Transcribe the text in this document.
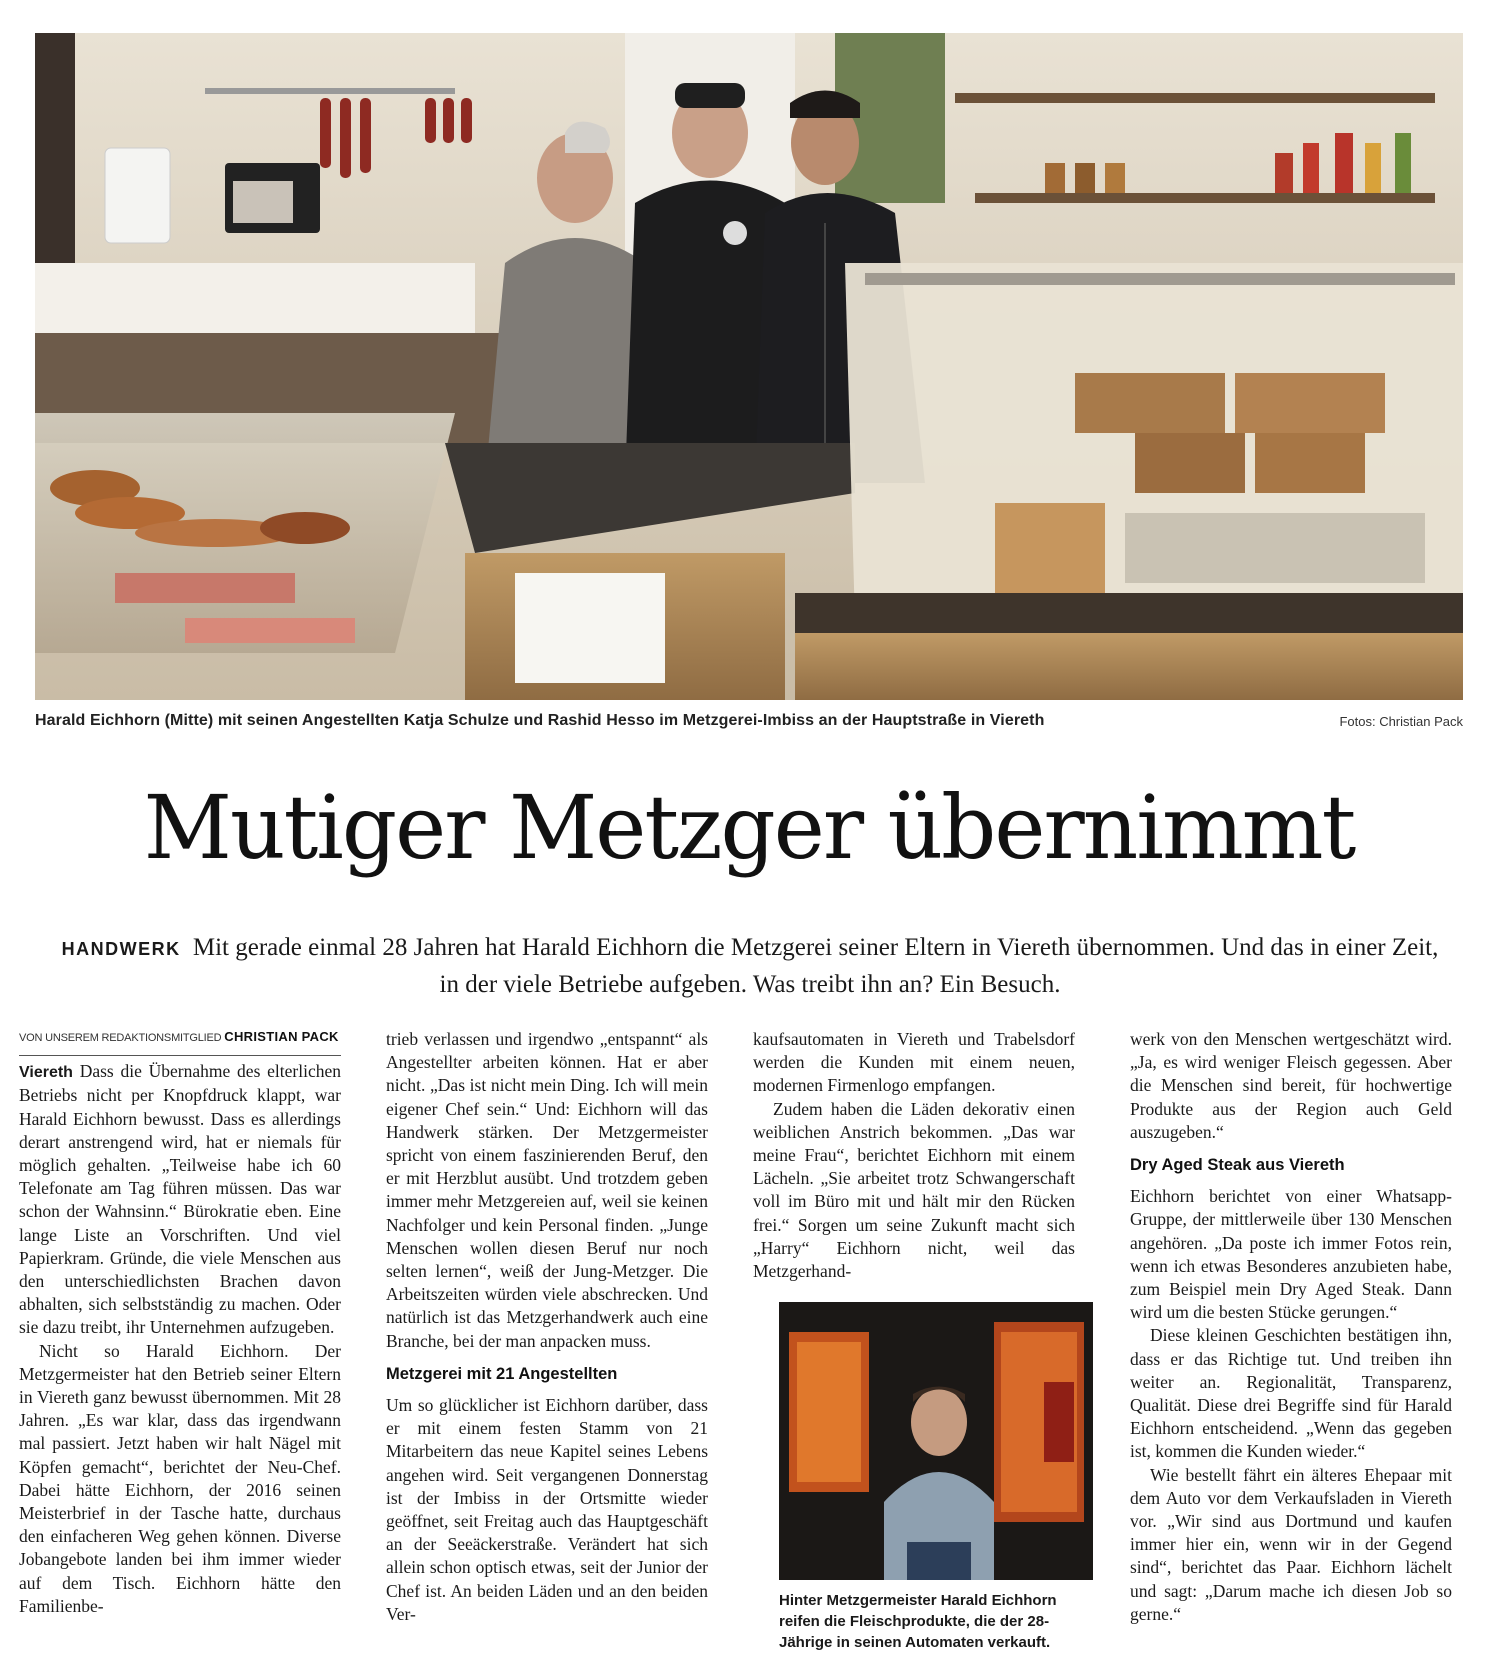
Harald Eichhorn (Mitte) mit seinen Angestellten Katja Schulze und Rashid Hesso im Metzgerei-Imbiss an der Hauptstraße in Viereth	Fotos: Christian Pack
Mutiger Metzger übernimmt
HANDWERK Mit gerade einmal 28 Jahren hat Harald Eichhorn die Metzgerei seiner Eltern in Viereth übernommen. Und das in einer Zeit, in der viele Betriebe aufgeben. Was treibt ihn an? Ein Besuch.
VON UNSEREM REDAKTIONSMITGLIED CHRISTIAN PACK

Viereth Dass die Übernahme des elterlichen Betriebs nicht per Knopfdruck klappt, war Harald Eichhorn bewusst. Dass es allerdings derart anstrengend wird, hat er niemals für möglich gehalten. „Teilweise habe ich 60 Telefonate am Tag führen müssen. Das war schon der Wahnsinn.“ Bürokratie eben. Eine lange Liste an Vorschriften. Und viel Papierkram. Gründe, die viele Menschen aus den unterschiedlichsten Brachen davon abhalten, sich selbstständig zu machen. Oder sie dazu treibt, ihr Unternehmen aufzugeben.

Nicht so Harald Eichhorn. Der Metzgermeister hat den Betrieb seiner Eltern in Viereth ganz bewusst übernommen. Mit 28 Jahren. „Es war klar, dass das irgendwann mal passiert. Jetzt haben wir halt Nägel mit Köpfen gemacht“, berichtet der Neu-Chef. Dabei hätte Eichhorn, der 2016 seinen Meisterbrief in der Tasche hatte, durchaus den einfacheren Weg gehen können. Diverse Jobangebote landen bei ihm immer wieder auf dem Tisch. Eichhorn hätte den Familienbe-

trieb verlassen und irgendwo „entspannt“ als Angestellter arbeiten können. Hat er aber nicht. „Das ist nicht mein Ding. Ich will mein eigener Chef sein.“ Und: Eichhorn will das Handwerk stärken. Der Metzgermeister spricht von einem faszinierenden Beruf, den er mit Herzblut ausübt. Und trotzdem geben immer mehr Metzgereien auf, weil sie keinen Nachfolger und kein Personal finden. „Junge Menschen wollen diesen Beruf nur noch selten lernen“, weiß der Jung-Metzger. Die Arbeitszeiten würden viele abschrecken. Und natürlich ist das Metzgerhandwerk auch eine Branche, bei der man anpacken muss.

Metzgerei mit 21 Angestellten

Um so glücklicher ist Eichhorn darüber, dass er mit einem festen Stamm von 21 Mitarbeitern das neue Kapitel seines Lebens angehen wird. Seit vergangenen Donnerstag ist der Imbiss in der Ortsmitte wieder geöffnet, seit Freitag auch das Hauptgeschäft an der Seeäckerstraße. Verändert hat sich allein schon optisch etwas, seit der Junior der Chef ist. An beiden Läden und an den beiden Ver-

kaufsautomaten in Viereth und Trabelsdorf werden die Kunden mit einem neuen, modernen Firmenlogo empfangen.

Zudem haben die Läden dekorativ einen weiblichen Anstrich bekommen. „Das war meine Frau“, berichtet Eichhorn mit einem Lächeln. „Sie arbeitet trotz Schwangerschaft voll im Büro mit und hält mir den Rücken frei.“ Sorgen um seine Zukunft macht sich „Harry“ Eichhorn nicht, weil das Metzgerhand-

Hinter Metzgermeister Harald Eichhorn reifen die Fleischprodukte, die der 28-Jährige in seinen Automaten verkauft.

werk von den Menschen wertgeschätzt wird. „Ja, es wird weniger Fleisch gegessen. Aber die Menschen sind bereit, für hochwertige Produkte aus der Region auch Geld auszugeben.“

Dry Aged Steak aus Viereth

Eichhorn berichtet von einer Whatsapp-Gruppe, der mittlerweile über 130 Menschen angehören. „Da poste ich immer Fotos rein, wenn ich etwas Besonderes anzubieten habe, zum Beispiel mein Dry Aged Steak. Dann wird um die besten Stücke gerungen.“

Diese kleinen Geschichten bestätigen ihn, dass er das Richtige tut. Und treiben ihn weiter an. Regionalität, Transparenz, Qualität. Diese drei Begriffe sind für Harald Eichhorn entscheidend. „Wenn das gegeben ist, kommen die Kunden wieder.“

Wie bestellt fährt ein älteres Ehepaar mit dem Auto vor dem Verkaufsladen in Viereth vor. „Wir sind aus Dortmund und kaufen immer hier ein, wenn wir in der Gegend sind“, berichtet das Paar. Eichhorn lächelt und sagt: „Darum mache ich diesen Job so gerne.“
